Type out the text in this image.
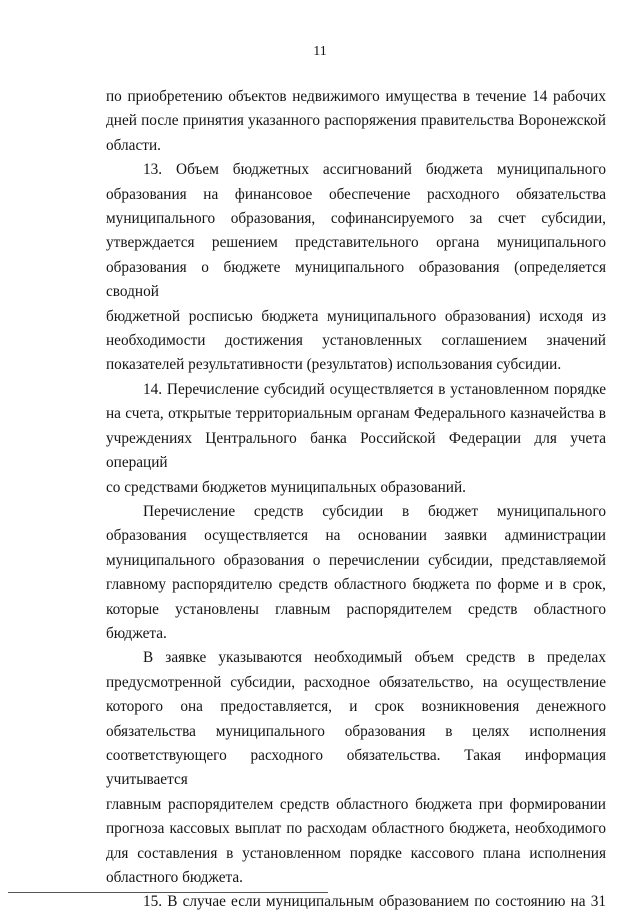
11

по приобретению объектов недвижимого имущества в течение 14 рабочих

дней после принятия указанного распоряжения правительства Воронежской

области.

13. Объем бюджетных ассигнований бюджета муниципального

образования на финансовое обеспечение расходного обязательства

муниципального образования, софинансируемого за счет субсидии,

утверждается решением представительного органа муниципального

образования о бюджете муниципального образования (определяется сводной

бюджетной росписью бюджета муниципального образования) исходя из

необходимости достижения установленных соглашением значений

показателей результативности (результатов) использования субсидии.

14. Перечисление субсидий осуществляется в установленном порядке

на счета, открытые территориальным органам Федерального казначейства в

учреждениях Центрального банка Российской Федерации для учета операций

со средствами бюджетов муниципальных образований.

Перечисление средств субсидии в бюджет муниципального

образования осуществляется на основании заявки администрации

муниципального образования о перечислении субсидии, представляемой

главному распорядителю средств областного бюджета по форме и в срок,

которые установлены главным распорядителем средств областного бюджета.

В заявке указываются необходимый объем средств в пределах

предусмотренной субсидии, расходное обязательство, на осуществление

которого она предоставляется, и срок возникновения денежного

обязательства муниципального образования в целях исполнения

соответствующего расходного обязательства. Такая информация учитывается

главным распорядителем средств областного бюджета при формировании

прогноза кассовых выплат по расходам областного бюджета, необходимого

для составления в установленном порядке кассового плана исполнения

областного бюджета.

15. В случае если муниципальным образованием по состоянию на 31
